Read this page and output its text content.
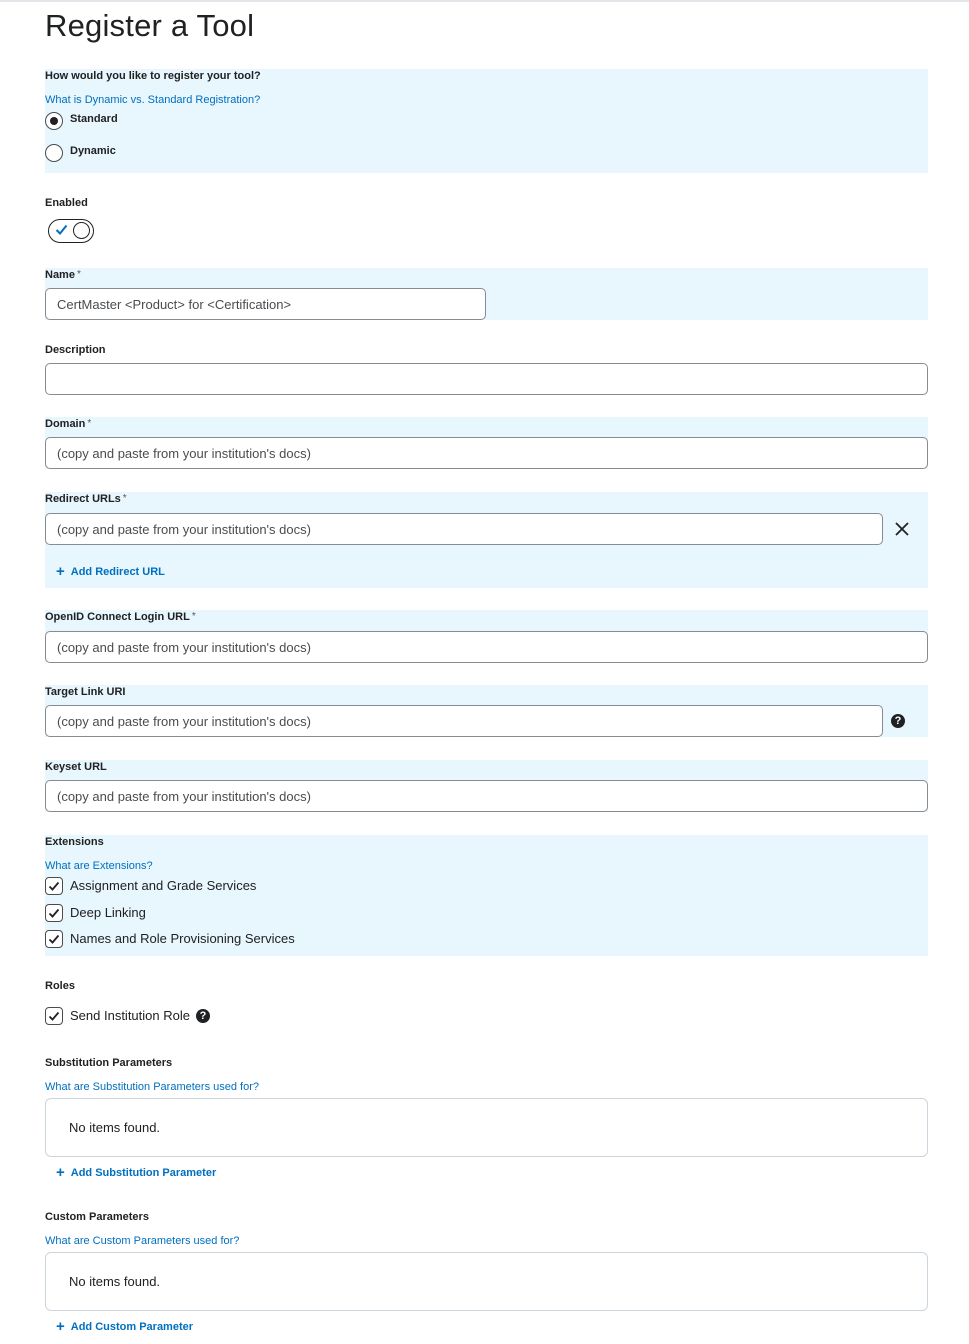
Register a Tool
How would you like to register your tool?
What is Dynamic vs. Standard Registration?
Standard
Dynamic
Enabled
Name *
CertMaster <Product> for <Certification>
Description
Domain *
(copy and paste from your institution's docs)
Redirect URLs *
(copy and paste from your institution's docs)
+ Add Redirect URL
OpenID Connect Login URL *
(copy and paste from your institution's docs)
Target Link URI
(copy and paste from your institution's docs)	?
Keyset URL
(copy and paste from your institution's docs)
Extensions
What are Extensions?
Assignment and Grade Services
Deep Linking
Names and Role Provisioning Services
Roles
Send Institution Role ?
Substitution Parameters
What are Substitution Parameters used for?
No items found.
+ Add Substitution Parameter
Custom Parameters
What are Custom Parameters used for?
No items found.
+ Add Custom Parameter
